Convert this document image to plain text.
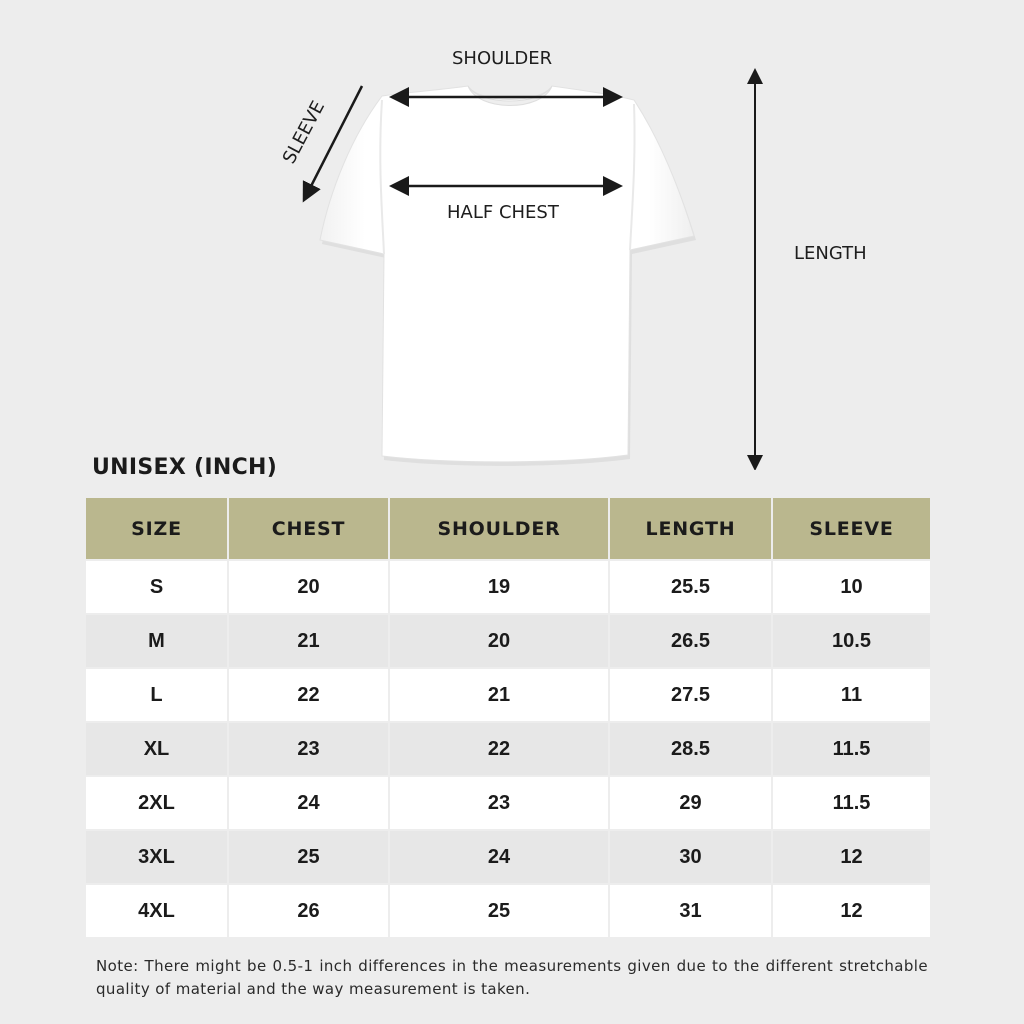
SHOULDER
SLEEVE
HALF CHEST
LENGTH
UNISEX (INCH)
SIZE	CHEST	SHOULDER	LENGTH	SLEEVE
S	20	19	25.5	10
M	21	20	26.5	10.5
L	22	21	27.5	11
XL	23	22	28.5	11.5
2XL	24	23	29	11.5
3XL	25	24	30	12
4XL	26	25	31	12
Note: There might be 0.5-1 inch differences in the measurements given due to the different stretchable quality of material and the way measurement is taken.
